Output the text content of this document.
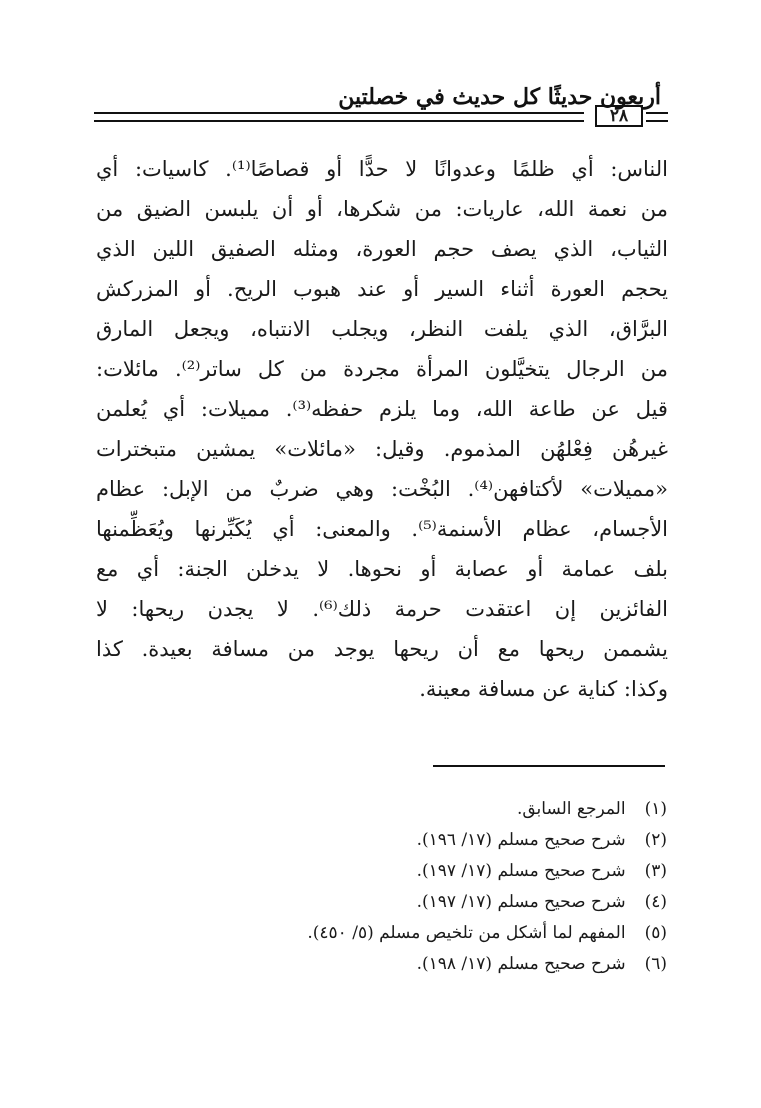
أربعون حديثًا كل حديث في خصلتين
٢٨
الناس: أي ظلمًا وعدوانًا لا حدًّا أو قصاصًا⁽¹⁾. كاسيات: أي
من نعمة الله، عاريات: من شكرها، أو أن يلبسن الضيق من
الثياب، الذي يصف حجم العورة، ومثله الصفيق اللين الذي
يحجم العورة أثناء السير أو عند هبوب الريح. أو المزركش
البرَّاق، الذي يلفت النظر، ويجلب الانتباه، ويجعل المارق
من الرجال يتخيَّلون المرأة مجردة من كل ساتر⁽²⁾. مائلات:
قيل عن طاعة الله، وما يلزم حفظه⁽³⁾. مميلات: أي يُعلمن
غيرهُن فِعْلهُن المذموم. وقيل: «مائلات» يمشين متبخترات
«مميلات» لأكتافهن⁽⁴⁾. البُخْت: وهي ضربٌ من الإبل: عظام
الأجسام، عظام الأسنمة⁽⁵⁾. والمعنى: أي يُكَبِّرنها ويُعَظِّمنها
بلف عمامة أو عصابة أو نحوها. لا يدخلن الجنة: أي مع
الفائزين إن اعتقدت حرمة ذلك⁽⁶⁾. لا يجدن ريحها: لا
يشممن ريحها مع أن ريحها يوجد من مسافة بعيدة. كذا
وكذا: كناية عن مسافة معينة.
(١) المرجع السابق.
(٢) شرح صحيح مسلم (١٧/ ١٩٦).
(٣) شرح صحيح مسلم (١٧/ ١٩٧).
(٤) شرح صحيح مسلم (١٧/ ١٩٧).
(٥) المفهم لما أشكل من تلخيص مسلم (٥/ ٤٥٠).
(٦) شرح صحيح مسلم (١٧/ ١٩٨).
